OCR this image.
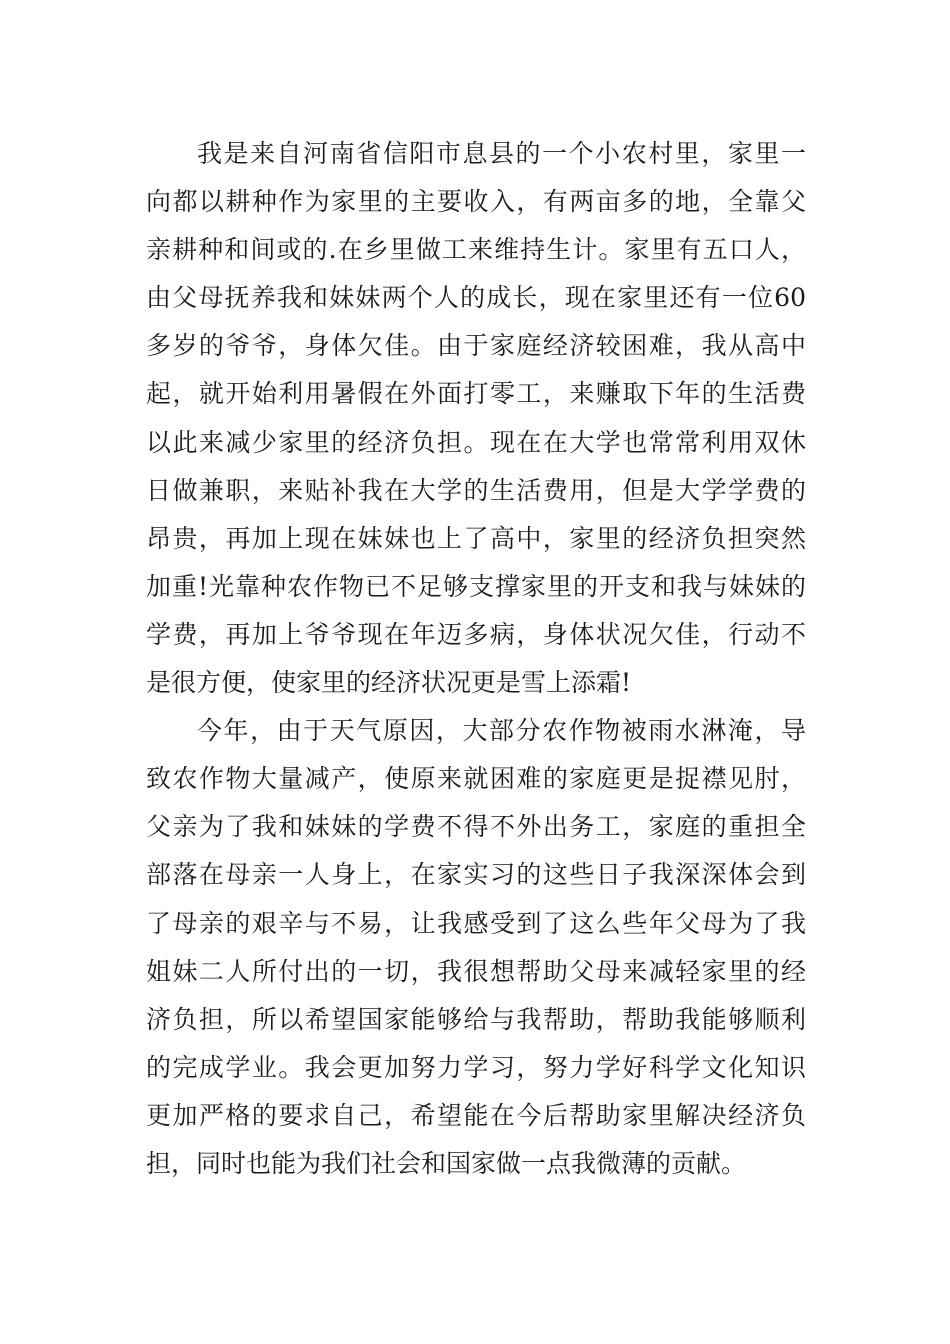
我是来自河南省信阳市息县的一个小农村里，家里一
向都以耕种作为家里的主要收入，有两亩多的地，全靠父
亲耕种和间或的.在乡里做工来维持生计。家里有五口人，
由父母抚养我和妹妹两个人的成长，现在家里还有一位60
多岁的爷爷，身体欠佳。由于家庭经济较困难，我从高中
起，就开始利用暑假在外面打零工，来赚取下年的生活费
以此来减少家里的经济负担。现在在大学也常常利用双休
日做兼职，来贴补我在大学的生活费用，但是大学学费的
昂贵，再加上现在妹妹也上了高中，家里的经济负担突然
加重!光靠种农作物已不足够支撑家里的开支和我与妹妹的
学费，再加上爷爷现在年迈多病，身体状况欠佳，行动不
是很方便，使家里的经济状况更是雪上添霜!
今年，由于天气原因，大部分农作物被雨水淋淹，导
致农作物大量减产，使原来就困难的家庭更是捉襟见肘，
父亲为了我和妹妹的学费不得不外出务工，家庭的重担全
部落在母亲一人身上，在家实习的这些日子我深深体会到
了母亲的艰辛与不易，让我感受到了这么些年父母为了我
姐妹二人所付出的一切，我很想帮助父母来减轻家里的经
济负担，所以希望国家能够给与我帮助，帮助我能够顺利
的完成学业。我会更加努力学习，努力学好科学文化知识
更加严格的要求自己，希望能在今后帮助家里解决经济负
担，同时也能为我们社会和国家做一点我微薄的贡献。
